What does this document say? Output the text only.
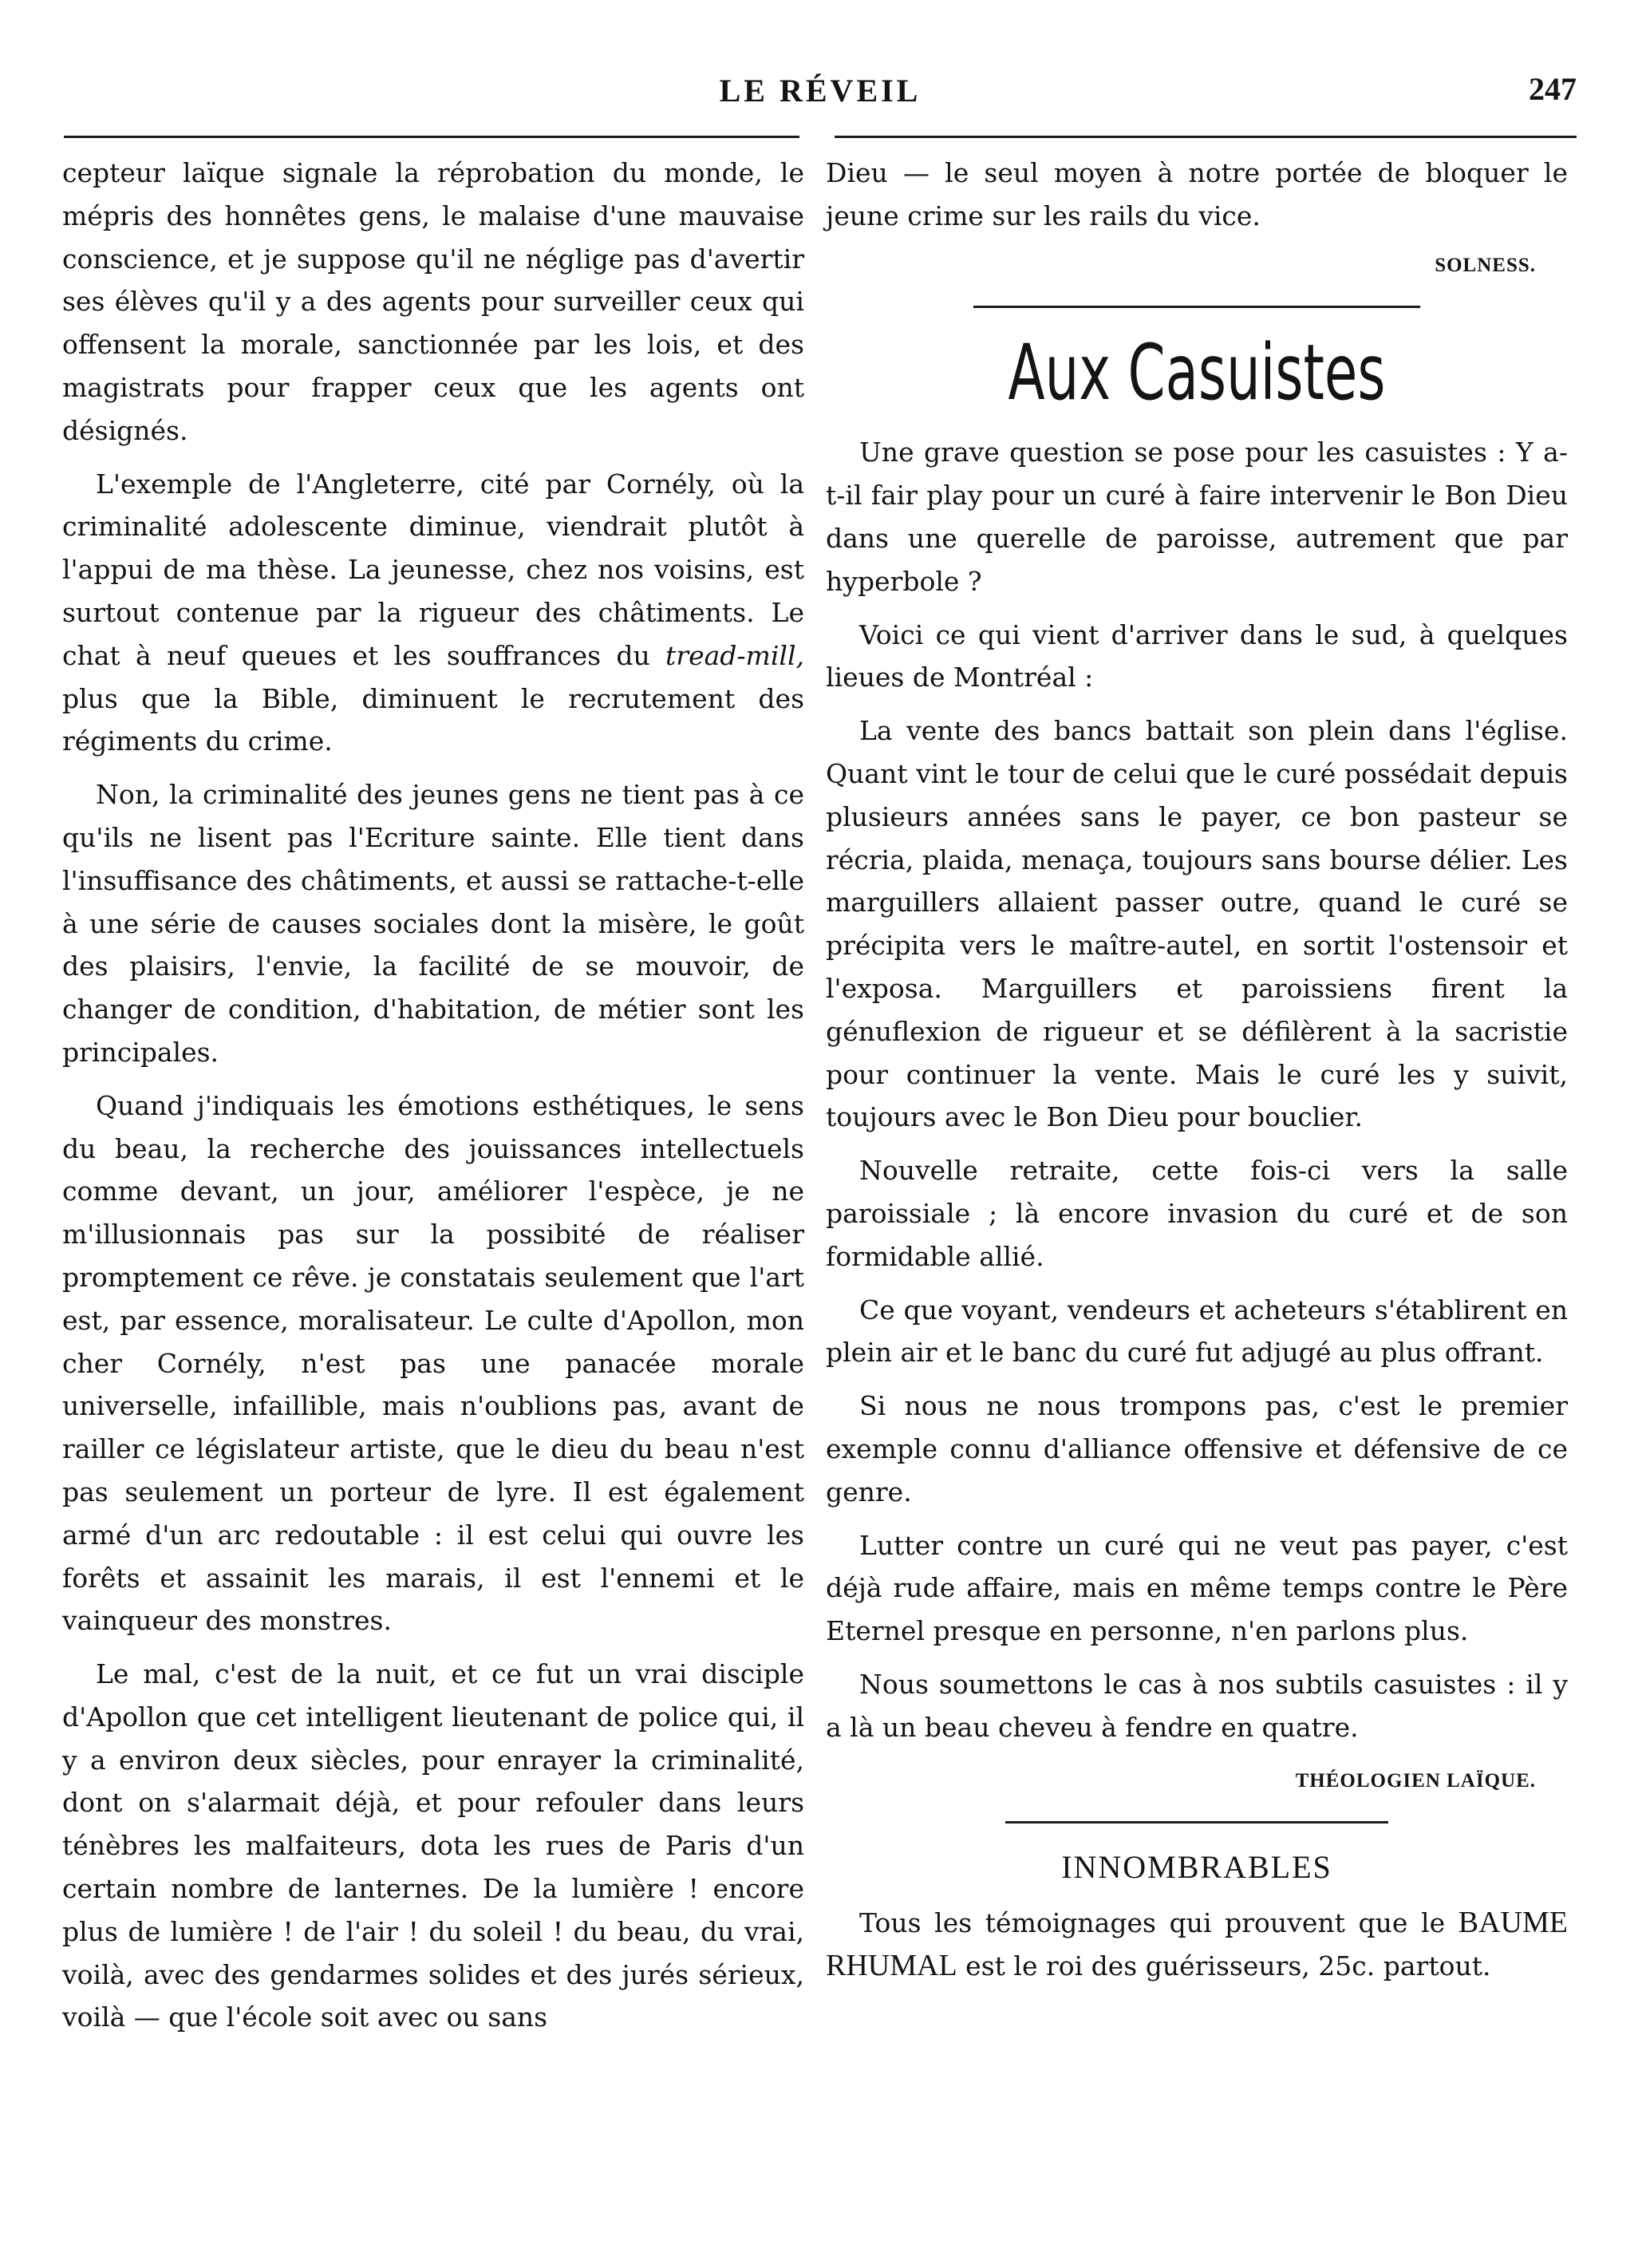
LE RÉVEIL	247

cepteur laïque signale la réprobation du monde, le mépris des honnêtes gens, le malaise d'une mauvaise conscience, et je suppose qu'il ne néglige pas d'avertir ses élèves qu'il y a des agents pour surveiller ceux qui offensent la morale, sanctionnée par les lois, et des magistrats pour frapper ceux que les agents ont désignés.

L'exemple de l'Angleterre, cité par Cornély, où la criminalité adolescente diminue, viendrait plutôt à l'appui de ma thèse. La jeunesse, chez nos voisins, est surtout contenue par la rigueur des châtiments. Le chat à neuf queues et les souffrances du tread-mill, plus que la Bible, diminuent le recrutement des régiments du crime.

Non, la criminalité des jeunes gens ne tient pas à ce qu'ils ne lisent pas l'Ecriture sainte. Elle tient dans l'insuffisance des châtiments, et aussi se rattache-t-elle à une série de causes sociales dont la misère, le goût des plaisirs, l'envie, la facilité de se mouvoir, de changer de condition, d'habitation, de métier sont les principales.

Quand j'indiquais les émotions esthétiques, le sens du beau, la recherche des jouissances intellectuels comme devant, un jour, améliorer l'espèce, je ne m'illusionnais pas sur la possibité de réaliser promptement ce rêve. je constatais seulement que l'art est, par essence, moralisateur. Le culte d'Apollon, mon cher Cornély, n'est pas une panacée morale universelle, infaillible, mais n'oublions pas, avant de railler ce législateur artiste, que le dieu du beau n'est pas seulement un porteur de lyre. Il est également armé d'un arc redoutable : il est celui qui ouvre les forêts et assainit les marais, il est l'ennemi et le vainqueur des monstres.

Le mal, c'est de la nuit, et ce fut un vrai disciple d'Apollon que cet intelligent lieutenant de police qui, il y a environ deux siècles, pour enrayer la criminalité, dont on s'alarmait déjà, et pour refouler dans leurs ténèbres les malfaiteurs, dota les rues de Paris d'un certain nombre de lanternes. De la lumière ! encore plus de lumière ! de l'air ! du soleil ! du beau, du vrai, voilà, avec des gendarmes solides et des jurés sérieux, voilà — que l'école soit avec ou sans

Dieu — le seul moyen à notre portée de bloquer le jeune crime sur les rails du vice.

SOLNESS.
Aux Casuistes

Une grave question se pose pour les casuistes : Y a-t-il fair play pour un curé à faire intervenir le Bon Dieu dans une querelle de paroisse, autrement que par hyperbole ?

Voici ce qui vient d'arriver dans le sud, à quelques lieues de Montréal :

La vente des bancs battait son plein dans l'église. Quant vint le tour de celui que le curé possédait depuis plusieurs années sans le payer, ce bon pasteur se récria, plaida, menaça, toujours sans bourse délier. Les marguillers allaient passer outre, quand le curé se précipita vers le maître-autel, en sortit l'ostensoir et l'exposa. Marguillers et paroissiens firent la génuflexion de rigueur et se défilèrent à la sacristie pour continuer la vente. Mais le curé les y suivit, toujours avec le Bon Dieu pour bouclier.

Nouvelle retraite, cette fois-ci vers la salle paroissiale ; là encore invasion du curé et de son formidable allié.

Ce que voyant, vendeurs et acheteurs s'établirent en plein air et le banc du curé fut adjugé au plus offrant.

Si nous ne nous trompons pas, c'est le premier exemple connu d'alliance offensive et défensive de ce genre.

Lutter contre un curé qui ne veut pas payer, c'est déjà rude affaire, mais en même temps contre le Père Eternel presque en personne, n'en parlons plus.

Nous soumettons le cas à nos subtils casuistes : il y a là un beau cheveu à fendre en quatre.

THÉOLOGIEN LAÏQUE.
INNOMBRABLES

Tous les témoignages qui prouvent que le BAUME RHUMAL est le roi des guérisseurs, 25c. partout.
